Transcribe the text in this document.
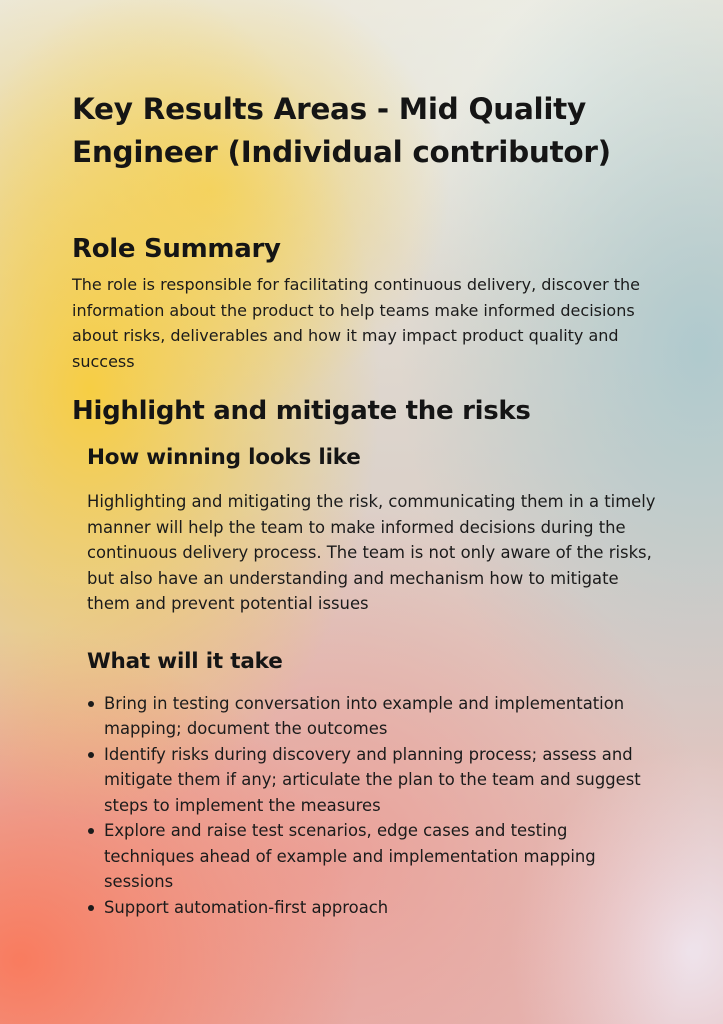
Key Results Areas - Mid Quality Engineer (Individual contributor)
Role Summary

The role is responsible for facilitating continuous delivery, discover the information about the product to help teams make informed decisions about risks, deliverables and how it may impact product quality and success

Highlight and mitigate the risks
How winning looks like

Highlighting and mitigating the risk, communicating them in a timely manner will help the team to make informed decisions during the continuous delivery process. The team is not only aware of the risks, but also have an understanding and mechanism how to mitigate them and prevent potential issues

What will it take
Bring in testing conversation into example and implementation mapping; document the outcomes
Identify risks during discovery and planning process; assess and mitigate them if any; articulate the plan to the team and suggest steps to implement the measures
Explore and raise test scenarios, edge cases and testing techniques ahead of example and implementation mapping sessions
Support automation-first approach
